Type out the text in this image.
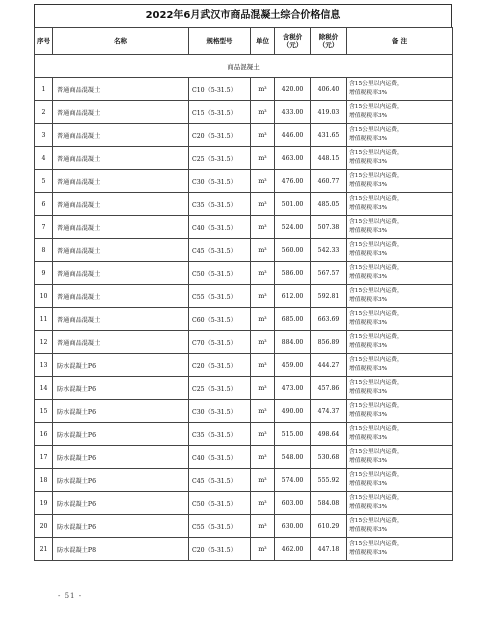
2022年6月武汉市商品混凝土综合价格信息
序号	名称	规格型号	单位	含税价
（元）	除税价
（元）	备 注
商品混凝土						
1	普通商品混凝土	C10（5-31.5）	m³	420.00	406.40	含15公里以内运费，
增值税税率3%

2	普通商品混凝土	C15（5-31.5）	m³	433.00	419.03	含15公里以内运费，
增值税税率3%

3	普通商品混凝土	C20（5-31.5）	m³	446.00	431.65	含15公里以内运费，
增值税税率3%

4	普通商品混凝土	C25（5-31.5）	m³	463.00	448.15	含15公里以内运费，
增值税税率3%

5	普通商品混凝土	C30（5-31.5）	m³	476.00	460.77	含15公里以内运费，
增值税税率3%

6	普通商品混凝土	C35（5-31.5）	m³	501.00	485.05	含15公里以内运费，
增值税税率3%

7	普通商品混凝土	C40（5-31.5）	m³	524.00	507.38	含15公里以内运费，
增值税税率3%

8	普通商品混凝土	C45（5-31.5）	m³	560.00	542.33	含15公里以内运费，
增值税税率3%

9	普通商品混凝土	C50（5-31.5）	m³	586.00	567.57	含15公里以内运费，
增值税税率3%

10	普通商品混凝土	C55（5-31.5）	m³	612.00	592.81	含15公里以内运费，
增值税税率3%

11	普通商品混凝土	C60（5-31.5）	m³	685.00	663.69	含15公里以内运费，
增值税税率3%

12	普通商品混凝土	C70（5-31.5）	m³	884.00	856.89	含15公里以内运费，
增值税税率3%

13	防水混凝土P6	C20（5-31.5）	m³	459.00	444.27	含15公里以内运费，
增值税税率3%

14	防水混凝土P6	C25（5-31.5）	m³	473.00	457.86	含15公里以内运费，
增值税税率3%

15	防水混凝土P6	C30（5-31.5）	m³	490.00	474.37	含15公里以内运费，
增值税税率3%

16	防水混凝土P6	C35（5-31.5）	m³	515.00	498.64	含15公里以内运费，
增值税税率3%

17	防水混凝土P6	C40（5-31.5）	m³	548.00	530.68	含15公里以内运费，
增值税税率3%

18	防水混凝土P6	C45（5-31.5）	m³	574.00	555.92	含15公里以内运费，
增值税税率3%

19	防水混凝土P6	C50（5-31.5）	m³	603.00	584.08	含15公里以内运费，
增值税税率3%

20	防水混凝土P6	C55（5-31.5）	m³	630.00	610.29	含15公里以内运费，
增值税税率3%

21	防水混凝土P8	C20（5-31.5）	m³	462.00	447.18	含15公里以内运费，
增值税税率3%
- 51 -
